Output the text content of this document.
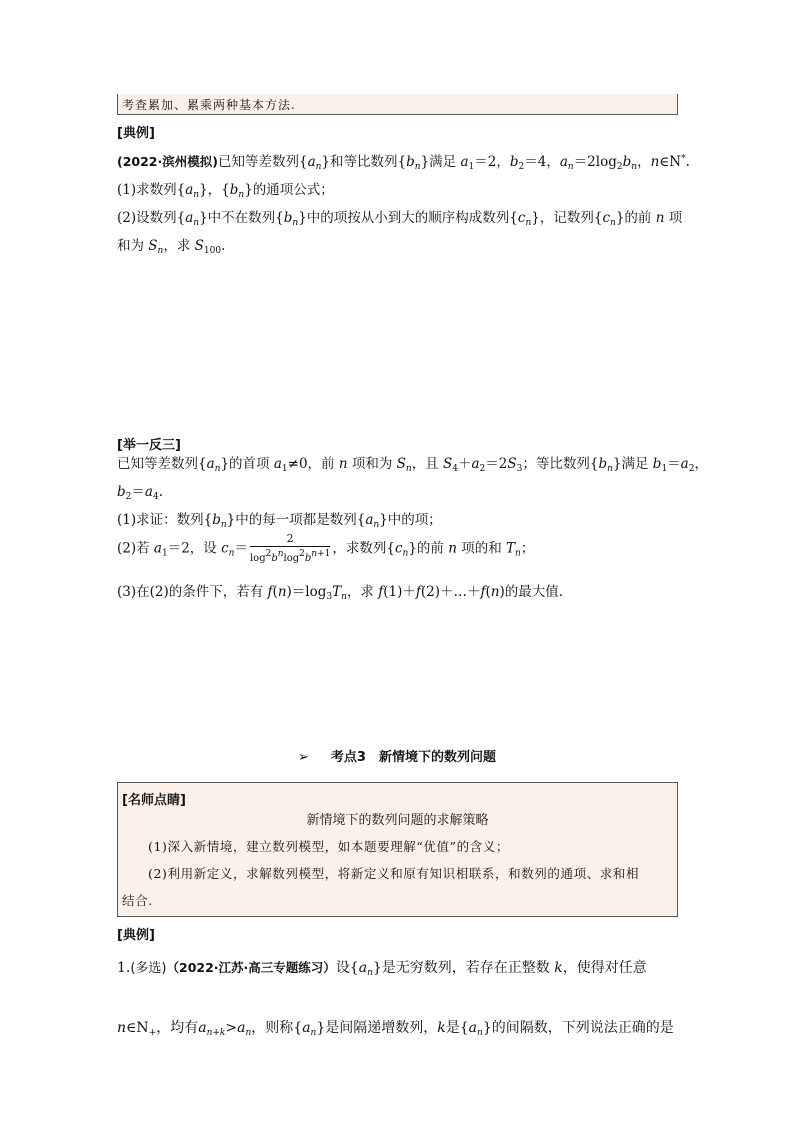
考查累加、累乘两种基本方法.
[典例]
(2022·滨州模拟)已知等差数列$\{a_n\}$和等比数列$\{b_n\}$满足 $a_1=2$，$b_2=4$，$a_n=2\log_2b_n$，n∈N*.
(1)求数列$\{a_n\}$，$\{b_n\}$的通项公式；
(2)设数列$\{a_n\}$中不在数列$\{b_n\}$中的项按从小到大的顺序构成数列$\{c_n\}$，记数列$\{c_n\}$的前 n 项
和为 $S_n$，求 $S_{100}$.
[举一反三]
已知等差数列$\{a_n\}$的首项 $a_1\ne 0$，前 n 项和为 $S_n$，且 $S_4+a_2=2S_3$；等比数列$\{b_n\}$满足 $b_1=a_2$，
$b_2=a_4$.
(1)求证：数列$\{b_n\}$中的每一项都是数列$\{a_n\}$中的项；
(2)若 $a_1=2$，设 $c_n= \frac{2}{\log^2b^n\log^2b^{n+1}}$ ，求数列$\{c_n\}$的前 n 项的和 $T_n$；
(3)在(2)的条件下，若有 $f(n)=\log_3T_n$，求 f(1)＋f(2)＋…＋f(n)的最大值．
➢ 考点3　新情境下的数列问题
[名师点睛]
新情境下的数列问题的求解策略
(1)深入新情境，建立数列模型，如本题要理解“优值”的含义；
(2)利用新定义，求解数列模型，将新定义和原有知识相联系，和数列的通项、求和相
结合.
[典例]
1.(多选)（2022·江苏·高三专题练习）设$\{a_n\}$是无穷数列，若存在正整数 k，使得对任意
$n\in N_+$，均有$a_{n+k}>a_n$，则称$\{a_n\}$是间隔递增数列，k是$\{a_n\}$的间隔数，下列说法正确的是
